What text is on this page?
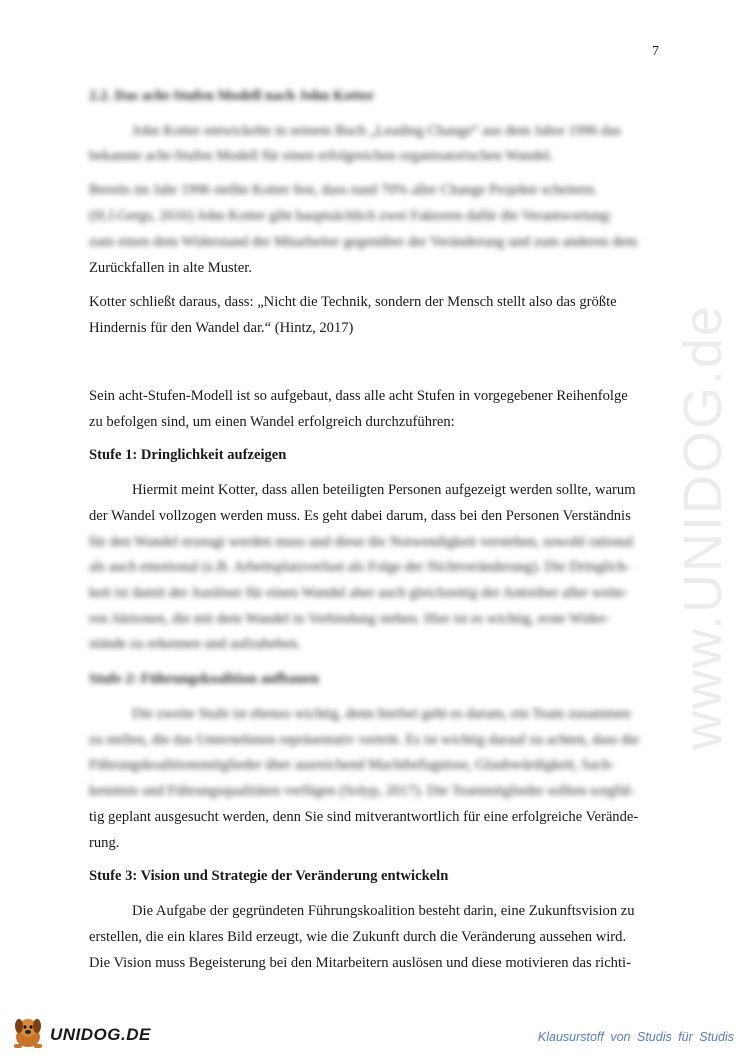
7
www.UNIDOG.de
2.2. Das acht-Stufen Modell nach John Kotter
John Kotter entwickelte in seinem Buch „Leading Change“ aus dem Jahre 1996 das
bekannte acht-Stufen Modell für einen erfolgreichen organisatorischen Wandel.
Bereits im Jahr 1996 stellte Kotter fest, dass rund 70% aller Change Projekte scheitern.
(H.J.Gergs, 2016) John Kotter gibt hauptsächlich zwei Faktoren dafür die Verantwortung:
zum einen dem Widerstand der Mitarbeiter gegenüber der Veränderung und zum anderen dem
Zurückfallen in alte Muster.
Kotter schließt daraus, dass: „Nicht die Technik, sondern der Mensch stellt also das größte
Hindernis für den Wandel dar.“ (Hintz, 2017)
Sein acht-Stufen-Modell ist so aufgebaut, dass alle acht Stufen in vorgegebener Reihenfolge
zu befolgen sind, um einen Wandel erfolgreich durchzuführen:
Stufe 1: Dringlichkeit aufzeigen
Hiermit meint Kotter, dass allen beteiligten Personen aufgezeigt werden sollte, warum
der Wandel vollzogen werden muss. Es geht dabei darum, dass bei den Personen Verständnis
für den Wandel erzeugt werden muss und diese die Notwendigkeit verstehen, sowohl rational
als auch emotional (z.B. Arbeitsplatzverlust als Folge der Nichtveränderung). Die Dringlich-
keit ist damit der Auslöser für einen Wandel aber auch gleichzeitig der Antreiber aller weite-
ren Aktionen, die mit dem Wandel in Verbindung stehen. Hier ist es wichtig, erste Wider-
stände zu erkennen und aufzuheben.
Stufe 2: Führungskoalition aufbauen
Die zweite Stufe ist ebenso wichtig, denn hierbei geht es darum, ein Team zusammen
zu stellen, die das Unternehmen repräsentativ vertritt. Es ist wichtig darauf zu achten, dass die
Führungskoalitionsmitglieder über ausreichend Machtbefugnisse, Glaubwürdigkeit, Sach-
kenntnis und Führungsqualitäten verfügen (Solyp, 2017). Die Teammitglieder sollten sorgfäl-
tig geplant ausgesucht werden, denn Sie sind mitverantwortlich für eine erfolgreiche Verände-
rung.
Stufe 3: Vision und Strategie der Veränderung entwickeln
Die Aufgabe der gegründeten Führungskoalition besteht darin, eine Zukunftsvision zu
erstellen, die ein klares Bild erzeugt, wie die Zukunft durch die Veränderung aussehen wird.
Die Vision muss Begeisterung bei den Mitarbeitern auslösen und diese motivieren das richti-
UNIDOG.DE	Klausurstoff von Studis für Studis
